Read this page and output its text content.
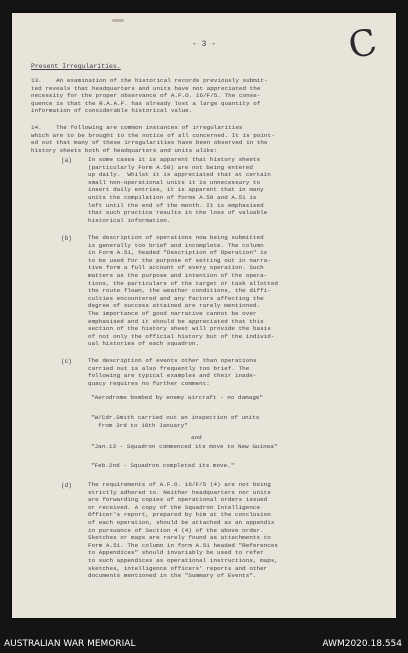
- 3 -	C
Present Irregularities.
13.    An examination of the historical records previously submit-
ted reveals that headquarters and units have not appreciated the
necessity for the proper observance of A.F.O. 16/F/5. The conse-
quence is that the R.A.A.F. has already lost a large quantity of
information of considerable historical value.
14.    The following are common instances of irregularities
which are to be brought to the notice of all concerned. It is point-
ed out that many of these irregularities have been observed in the
history sheets both of headquarters and units alike:
(a)	In some cases it is apparent that history sheets
(particularly Form A.50) are not being entered
up daily.  Whilst it is appreciated that at certain
small non-operational units it is unnecessary to
insert daily entries, it is apparent that in many
units the compilation of forms A.50 and A.51 is
left until the end of the month. It is emphasised
that such practice results in the loss of valuable
historical information.
(b)	The description of operations now being submitted
is generally too brief and incomplete. The column
in Form A.51, headed "Description of Operation" is
to be used for the purpose of setting out in narra-
tive form a full account of every operation. Such
matters as the purpose and intention of the opera-
tions, the particulars of the target or task allotted
the route flown, the weather conditions, the diffi-
culties encountered and any factors affecting the
degree of success attained are rarely mentioned.
The importance of good narrative cannot be over
emphasised and it should be appreciated that this
section of the history sheet will provide the basis
of not only the official history but of the individ-
ual histories of each squadron.
(c)	The description of events other than operations
carried out is also frequently too brief. The
following are typical examples and their inade-
quacy requires no further comment:
"Aerodrome bombed by enemy aircraft - no damage"
"W/Cdr.Smith carried out an inspection of units
from 3rd to 10th January"
and
"Jan.13 - Squadron commenced its move to New Guinea"
"Feb.2nd - Squadron completed its move."
(d)	The requirements of A.F.O. 16/F/5 (4) are not being
strictly adhered to. Neither headquarters nor units
are forwarding copies of operational orders issued
or received. A copy of the Squadron Intelligence
Officer's report, prepared by him at the conclusion
of each operation, should be attached as an appendix
in pursuance of Section 4 (4) of the above order.
Sketches or maps are rarely found as attachments to
Form A.51. The column in form A.51 headed "References
to Appendices" should invariably be used to refer
to such appendices as operational instructions, maps,
sketches, intelligence officers' reports and other
documents mentioned in the "Summary of Events".
AUSTRALIAN WAR MEMORIAL	AWM2020.18.554
